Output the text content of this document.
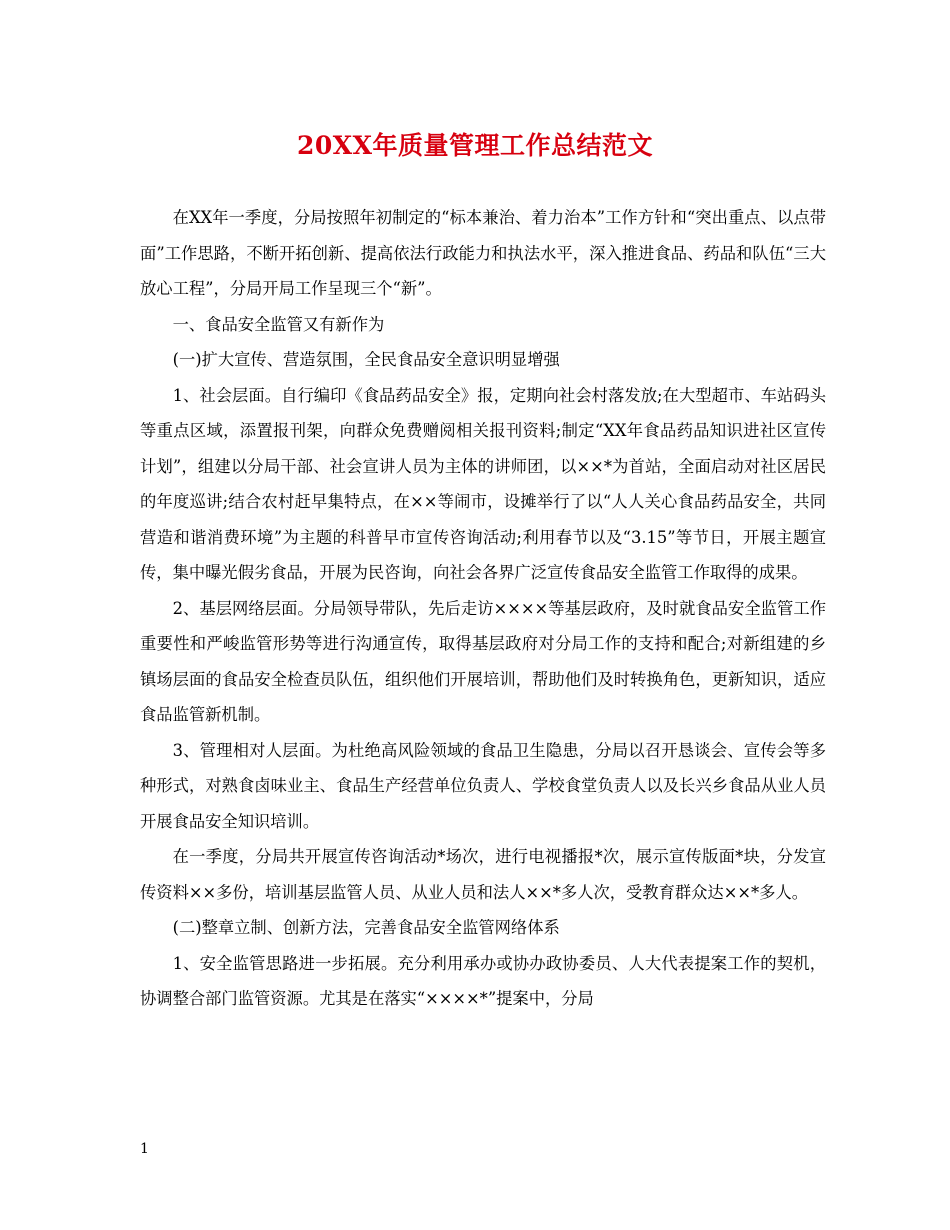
20XX年质量管理工作总结范文

在XX年一季度，分局按照年初制定的“标本兼治、着力治本”工作方针和“突出重点、以点带面”工作思路，不断开拓创新、提高依法行政能力和执法水平，深入推进食品、药品和队伍“三大放心工程”，分局开局工作呈现三个“新”。

一、食品安全监管又有新作为

(一)扩大宣传、营造氛围，全民食品安全意识明显增强

1、社会层面。自行编印《食品药品安全》报，定期向社会村落发放;在大型超市、车站码头等重点区域，添置报刊架，向群众免费赠阅相关报刊资料;制定“XX年食品药品知识进社区宣传计划”，组建以分局干部、社会宣讲人员为主体的讲师团，以××*为首站，全面启动对社区居民的年度巡讲;结合农村赶早集特点，在××等闹市，设摊举行了以“人人关心食品药品安全，共同营造和谐消费环境”为主题的科普早市宣传咨询活动;利用春节以及“3.15”等节日，开展主题宣传，集中曝光假劣食品，开展为民咨询，向社会各界广泛宣传食品安全监管工作取得的成果。

2、基层网络层面。分局领导带队，先后走访××××等基层政府，及时就食品安全监管工作重要性和严峻监管形势等进行沟通宣传，取得基层政府对分局工作的支持和配合;对新组建的乡镇场层面的食品安全检查员队伍，组织他们开展培训，帮助他们及时转换角色，更新知识，适应食品监管新机制。

3、管理相对人层面。为杜绝高风险领域的食品卫生隐患，分局以召开恳谈会、宣传会等多种形式，对熟食卤味业主、食品生产经营单位负责人、学校食堂负责人以及长兴乡食品从业人员开展食品安全知识培训。

在一季度，分局共开展宣传咨询活动*场次，进行电视播报*次，展示宣传版面*块，分发宣传资料××多份，培训基层监管人员、从业人员和法人××*多人次，受教育群众达××*多人。

(二)整章立制、创新方法，完善食品安全监管网络体系

1、安全监管思路进一步拓展。充分利用承办或协办政协委员、人大代表提案工作的契机，协调整合部门监管资源。尤其是在落实“××××*”提案中，分局

1
